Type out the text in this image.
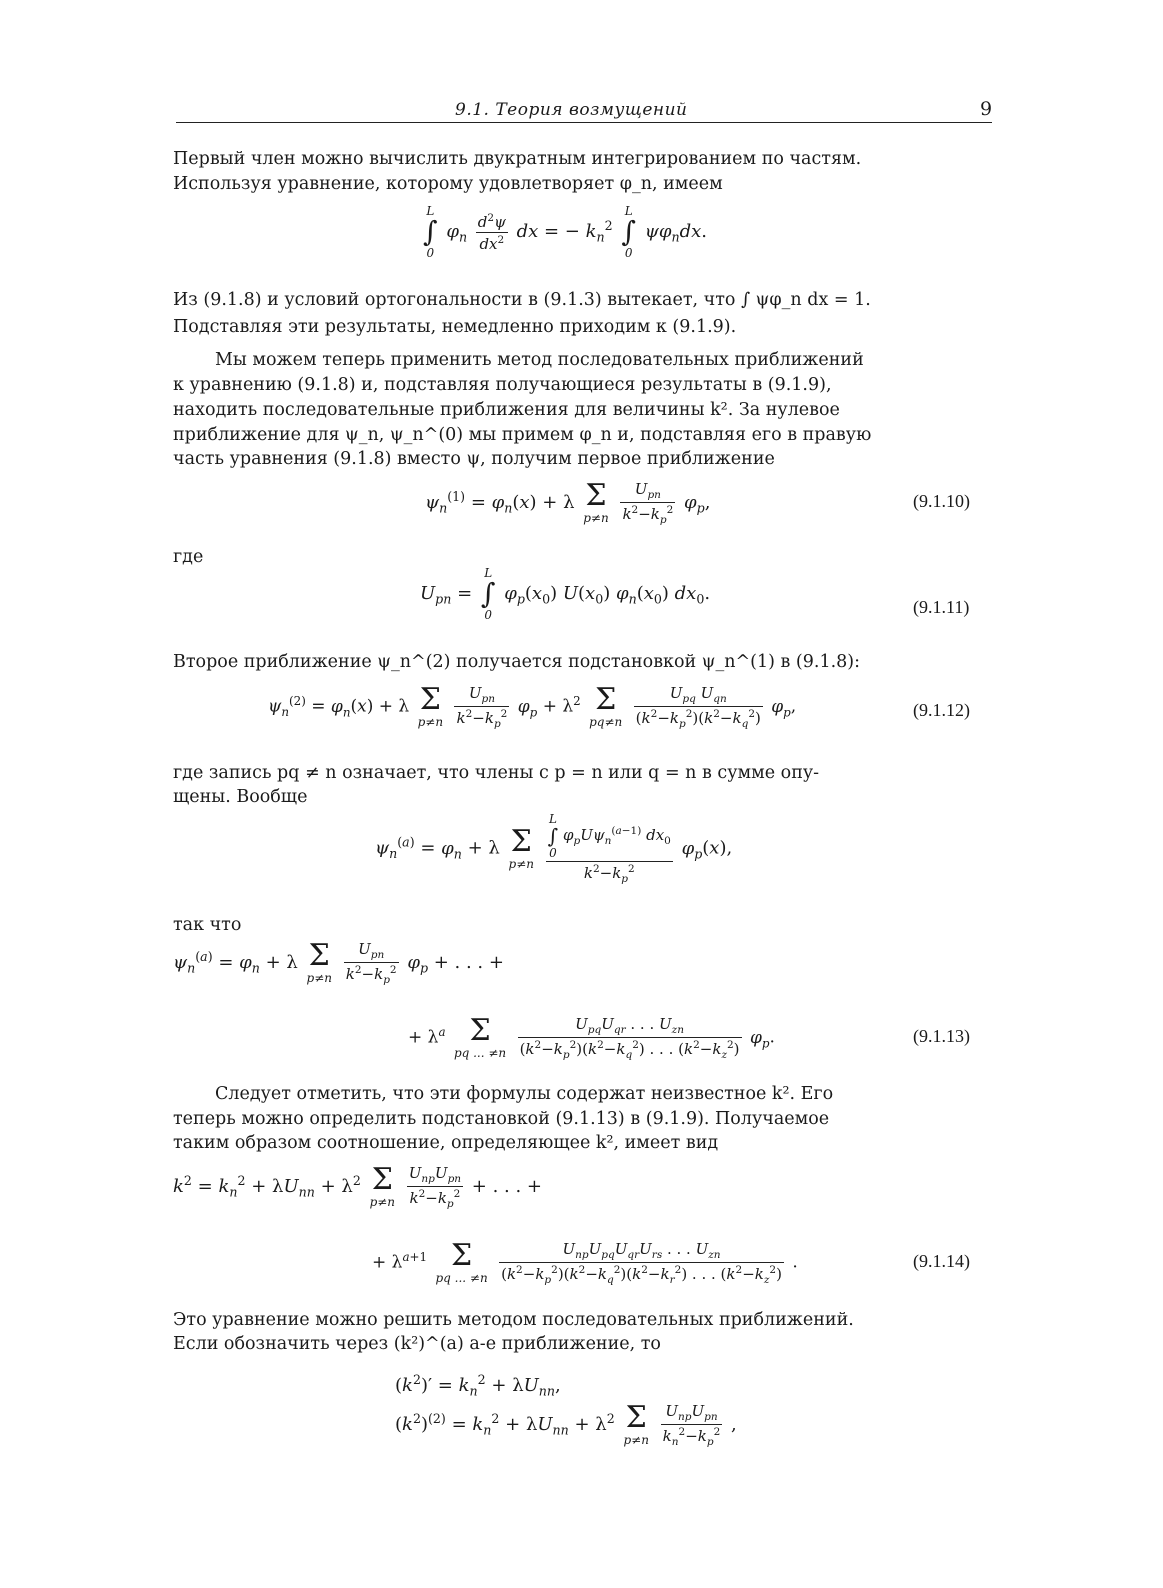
9.1. Теория возмущений	9
Первый член можно вычислить двукратным интегрированием по частям.
Используя уравнение, которому удовлетворяет φ_n, имеем
L
∫
0
$\varphi_n \frac{d^2\psi}{dx^2}$ dx = − $k_n^2$
L
∫
0
$\psi\varphi_ndx$.
Из (9.1.8) и условий ортогональности в (9.1.3) вытекает, что ∫ ψφ_n dx = 1.
Подставляя эти результаты, немедленно приходим к (9.1.9).
Мы можем теперь применить метод последовательных приближений
к уравнению (9.1.8) и, подставляя получающиеся результаты в (9.1.9),
находить последовательные приближения для величины k². За нулевое
приближение для ψ_n, ψ_n^(0) мы примем φ_n и, подставляя его в правую
часть уравнения (9.1.8) вместо ψ, получим первое приближение
$\psi_n^{(1)} = \varphi_n(x) + \lambda$ Σ
p≠n
$\frac{U_{pn}}{k^2-k_p^2} \varphi_p$,	(9.1.10)
где
$U_{pn}$ =
L
∫
0
$\varphi_p(x_0)$ $U(x_0)$ $\varphi_n(x_0)$ $dx_0$.
(9.1.11)
Второе приближение ψ_n^(2) получается подстановкой ψ_n^(1) в (9.1.8):
$\psi_n^{(2)} = \varphi_n(x) + \lambda$ Σ
p≠n
$\frac{U_{pn}}{k^2-k_p^2} \varphi_p + \lambda^2$ Σ
pq≠n
$\frac{U_{pq} U_{qn}}{(k^2-k_p^2)(k^2-k_q^2)} \varphi_p$,	(9.1.12)
где запись pq ≠ n означает, что члены с p = n или q = n в сумме опу-
щены. Вообще
$\psi_n^{(a)} = \varphi_n + \lambda$ Σ
p≠n
L
∫
0
$\varphi_pU\psi_n^{(a-1)}$ $dx_0$
$k^2-k_p^2$ $\varphi_p(x)$,
так что
$\psi_n^{(a)} = \varphi_n + \lambda$ Σ
p≠n
$\frac{U_{pn}}{k^2-k_p^2} \varphi_p$ + . . . +
+ $\lambda^a$ Σ
pq ... ≠n
$\frac{U_{pq}U_{qr} . . . U_{zn}}{(k^2-k_p^2)(k^2-k_q^2) . . . (k^2-k_z^2)} \varphi_p$.	(9.1.13)
Следует отметить, что эти формулы содержат неизвестное k². Его
теперь можно определить подстановкой (9.1.13) в (9.1.9). Получаемое
таким образом соотношение, определяющее k², имеет вид
$k^2 = k_n^2 + \lambda U_{nn} + \lambda^2$ Σ
p≠n
$\frac{U_{np}U_{pn}}{k^2-k_p^2}$ + . . . +
+ $\lambda^{a+1}$ Σ
pq ... ≠n
$\frac{U_{np}U_{pq}U_{qr}U_{rs} . . . U_{zn}}{(k^2-k_p^2)(k^2-k_q^2)(k^2-k_r^2) . . . (k^2-k_z^2)}$ .	(9.1.14)
Это уравнение можно решить методом последовательных приближений.
Если обозначить через (k²)^(a) a-е приближение, то
$(k^2)' = k_n^2 + \lambda U_{nn}$,
$(k^2)^{(2)} = k_n^2 + \lambda U_{nn} + \lambda^2$ Σ
p≠n
$\frac{U_{np}U_{pn}}{k_n^2-k_p^2}$ ,
